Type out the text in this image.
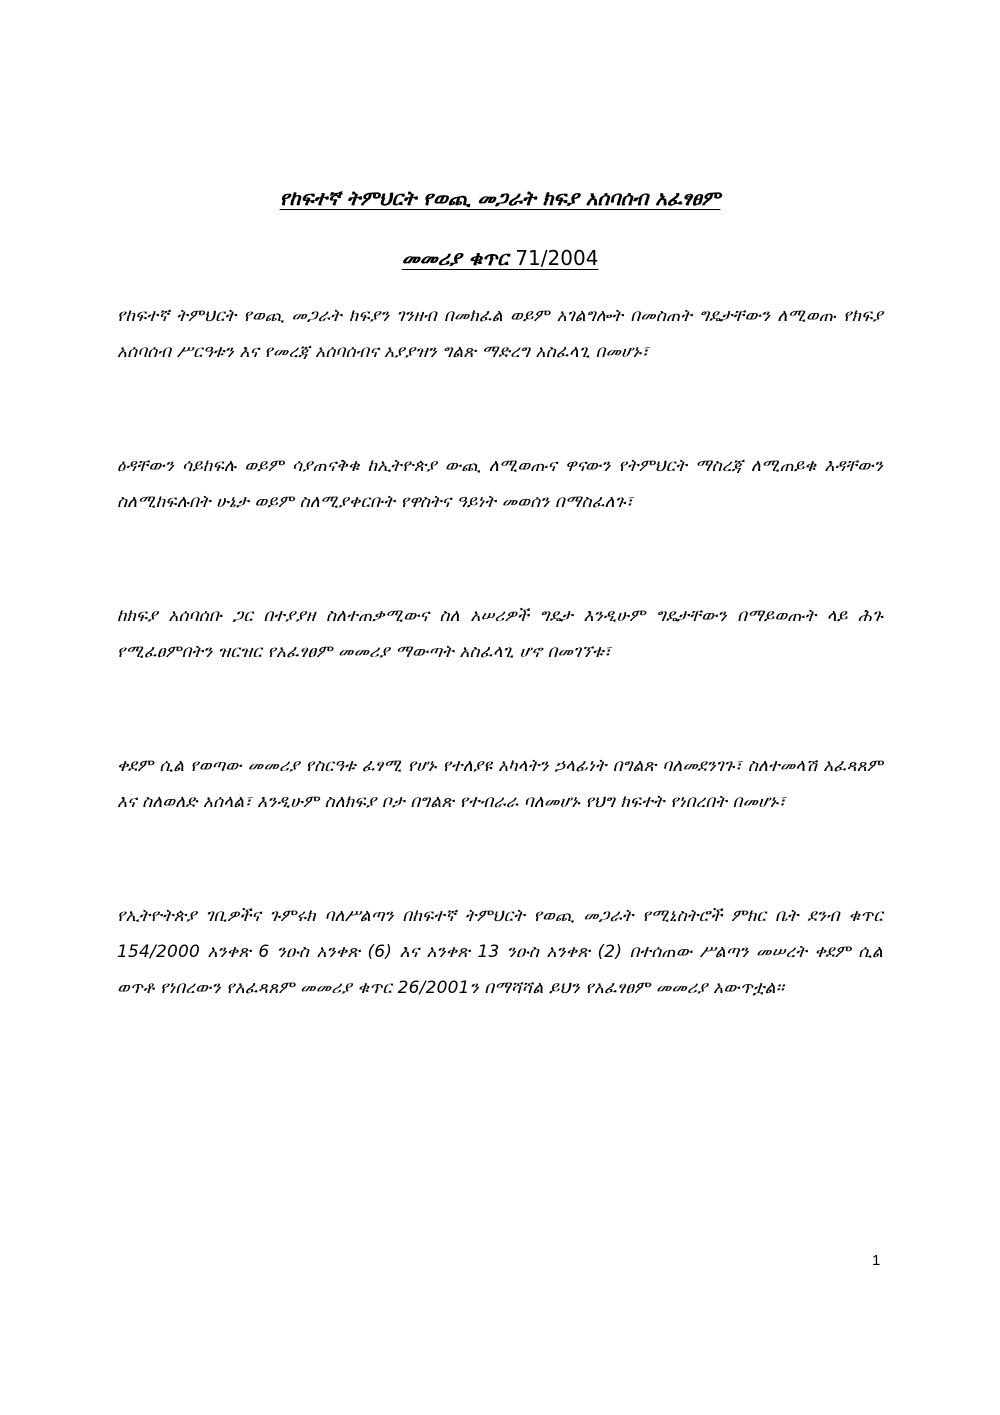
የከፍተኛ ትምህርት የወጪ መጋራት ክፍያ አሰባሰብ አፈፃፀም
መመሪያ ቁጥር 71/2004

የከፍተኛ ትምህርት የወጪ መጋራት ክፍያን ገንዘብ በመክፈል ወይም አገልግሎት በመስጠት ግዴታቸውን ለሚወጡ የክፍያ አሰባሰብ ሥርዓቱን እና የመረጃ አሰባሰብና አያያዝን ግልጽ ማድረግ አስፈላጊ በመሆኑ፣

ዕዳቸውን ሳይከፍሉ ወይም ሳያጠናቅቁ ከኢትዮጵያ ውጪ ለሚወጡና ዋናውን የትምህርት ማስረጃ ለሚጠይቁ እዳቸውን ስለሚከፍሉበት ሁኔታ ወይም ስለሚያቀርቡት የዋስትና ዓይነት መወሰን በማስፈለጉ፣

ከክፍያ አሰባሰቡ ጋር በተያያዘ ስለተጠቃሚውና ስለ አሠሪዎች ግዴታ እንዲሁም ግዴታቸውን በማይወጡት ላይ ሕጉ የሚፈፀምበትን ዝርዝር የአፈፃፀም መመሪያ ማውጣት አስፈላጊ ሆኖ በመገኘቱ፣

ቀደም ሲል የወጣው መመሪያ የስርዓቱ ፈፃሚ የሆኑ የተለያዩ አካላትን ኃላፊነት በግልጽ ባለመደንገጉ፣ ስለተመላሽ አፈጻጸም እና ስለወለድ አሰላል፣ እንዲሁም ስለክፍያ ቦታ በግልጽ የተብራራ ባለመሆኑ የህግ ክፍተት የነበረበት በመሆኑ፣

የኢትዮትጵያ ገቢዎችና ጉምሩክ ባለሥልጣን በከፍተኛ ትምህርት የወጪ መጋራት የሚኒስትሮች ምክር ቤት ደንብ ቁጥር 154/2000 አንቀጽ 6 ንዑስ አንቀጽ (6) እና አንቀጽ 13 ንዑስ አንቀጽ (2) በተሰጠው ሥልጣን መሠረት ቀደም ሲል ወጥቶ የነበረውን የአፈጻጸም መመሪያ ቁጥር 26/2001ን በማሻሻል ይህን የአፈፃፀም መመሪያ አውጥቷል፡፡

1
